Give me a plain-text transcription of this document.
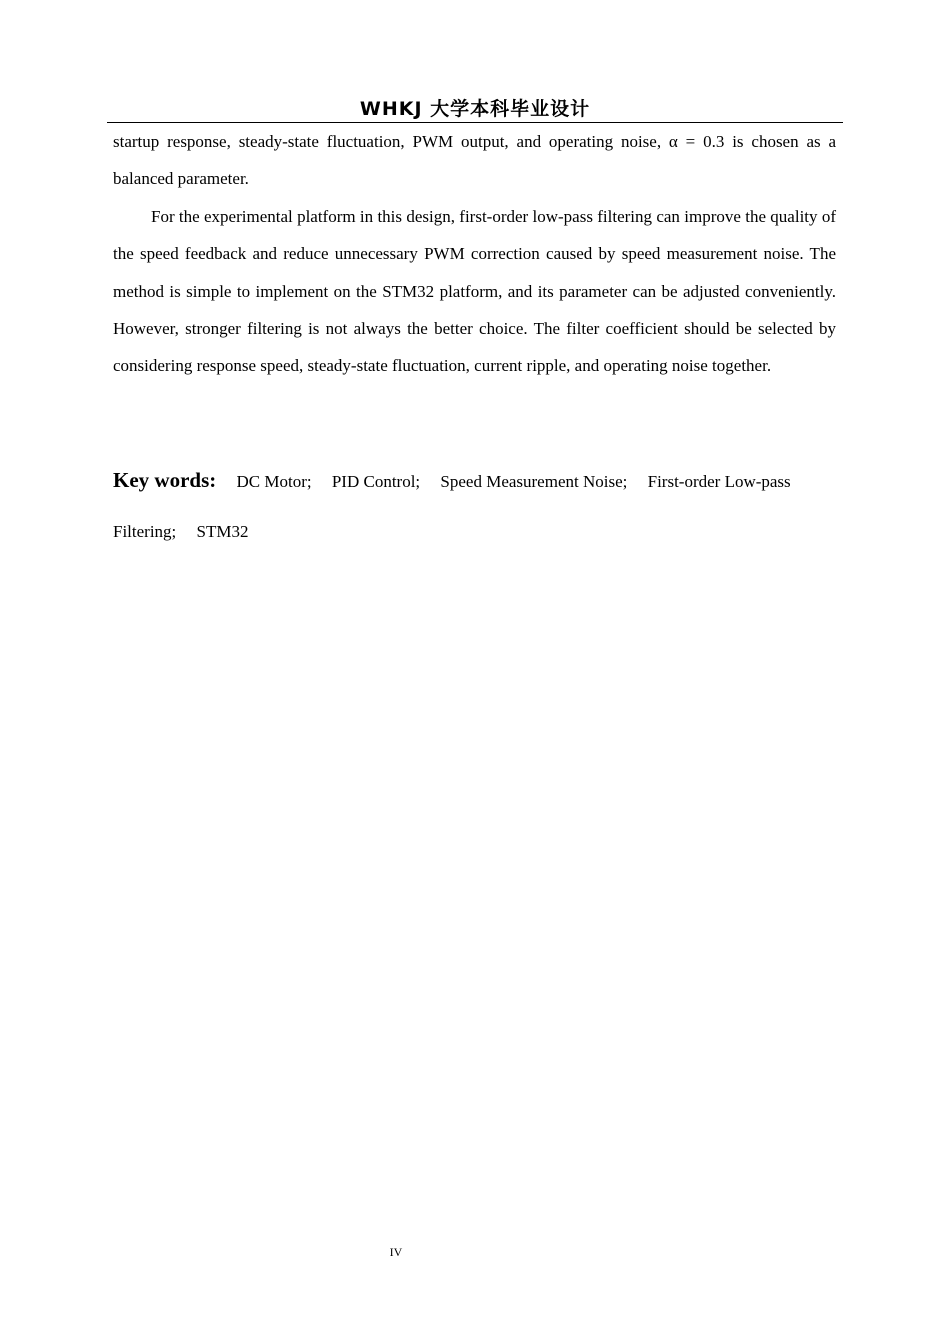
WHKJ 大学本科毕业设计

startup response, steady-state fluctuation, PWM output, and operating noise, α = 0.3 is chosen as a balanced parameter.

For the experimental platform in this design, first-order low-pass filtering can improve the quality of the speed feedback and reduce unnecessary PWM correction caused by speed measurement noise. The method is simple to implement on the STM32 platform, and its parameter can be adjusted conveniently. However, stronger filtering is not always the better choice. The filter coefficient should be selected by considering response speed, steady-state fluctuation, current ripple, and operating noise together.

Key words: DC Motor; PID Control; Speed Measurement Noise; First-order Low-pass Filtering; STM32
IV
